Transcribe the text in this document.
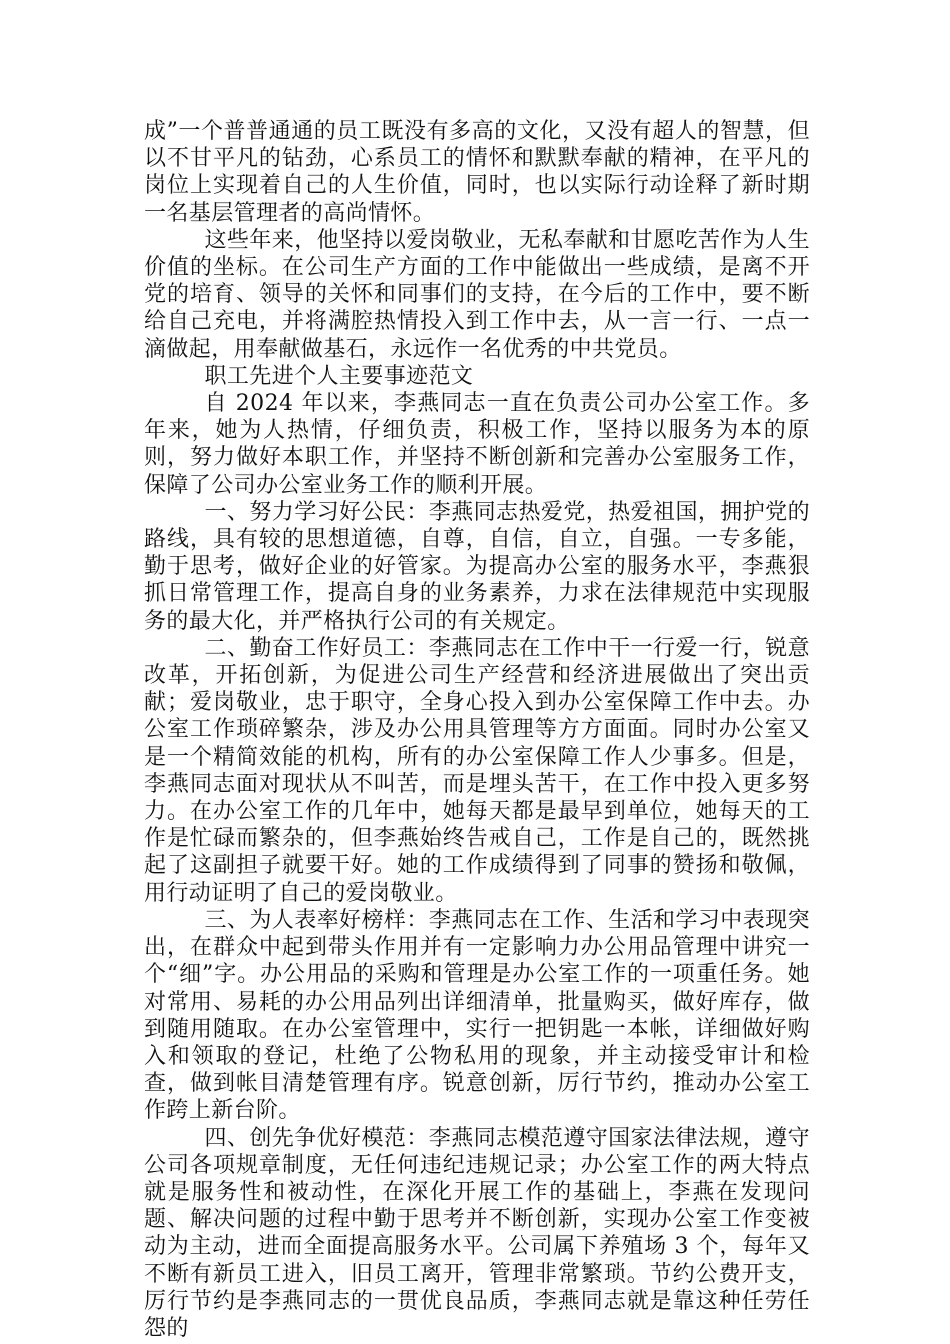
成”一个普普通通的员工既没有多高的文化，又没有超人的智慧，但以不甘平凡的钻劲，心系员工的情怀和默默奉献的精神，在平凡的岗位上实现着自己的人生价值，同时，也以实际行动诠释了新时期一名基层管理者的高尚情怀。

这些年来，他坚持以爱岗敬业，无私奉献和甘愿吃苦作为人生价值的坐标。在公司生产方面的工作中能做出一些成绩，是离不开党的培育、领导的关怀和同事们的支持，在今后的工作中，要不断给自己充电，并将满腔热情投入到工作中去，从一言一行、一点一滴做起，用奉献做基石，永远作一名优秀的中共党员。

职工先进个人主要事迹范文

自 2024 年以来，李燕同志一直在负责公司办公室工作。多年来，她为人热情，仔细负责，积极工作，坚持以服务为本的原则，努力做好本职工作，并坚持不断创新和完善办公室服务工作，保障了公司办公室业务工作的顺利开展。

一、努力学习好公民：李燕同志热爱党，热爱祖国，拥护党的路线，具有较的思想道德，自尊，自信，自立，自强。一专多能，勤于思考，做好企业的好管家。为提高办公室的服务水平，李燕狠抓日常管理工作，提高自身的业务素养，力求在法律规范中实现服务的最大化，并严格执行公司的有关规定。

二、勤奋工作好员工：李燕同志在工作中干一行爱一行，锐意改革，开拓创新，为促进公司生产经营和经济进展做出了突出贡献；爱岗敬业，忠于职守，全身心投入到办公室保障工作中去。办公室工作琐碎繁杂，涉及办公用具管理等方方面面。同时办公室又是一个精简效能的机构，所有的办公室保障工作人少事多。但是，李燕同志面对现状从不叫苦，而是埋头苦干，在工作中投入更多努力。在办公室工作的几年中，她每天都是最早到单位，她每天的工作是忙碌而繁杂的，但李燕始终告戒自己，工作是自己的，既然挑起了这副担子就要干好。她的工作成绩得到了同事的赞扬和敬佩，用行动证明了自己的爱岗敬业。

三、为人表率好榜样：李燕同志在工作、生活和学习中表现突出，在群众中起到带头作用并有一定影响力办公用品管理中讲究一个“细”字。办公用品的采购和管理是办公室工作的一项重任务。她对常用、易耗的办公用品列出详细清单，批量购买，做好库存，做到随用随取。在办公室管理中，实行一把钥匙一本帐，详细做好购入和领取的登记，杜绝了公物私用的现象，并主动接受审计和检查，做到帐目清楚管理有序。锐意创新，厉行节约，推动办公室工作跨上新台阶。

四、创先争优好模范：李燕同志模范遵守国家法律法规，遵守公司各项规章制度，无任何违纪违规记录；办公室工作的两大特点就是服务性和被动性，在深化开展工作的基础上，李燕在发现问题、解决问题的过程中勤于思考并不断创新，实现办公室工作变被动为主动，进而全面提高服务水平。公司属下养殖场 3 个，每年又不断有新员工进入，旧员工离开，管理非常繁琐。节约公费开支，厉行节约是李燕同志的一贯优良品质，李燕同志就是靠这种任劳任怨的
